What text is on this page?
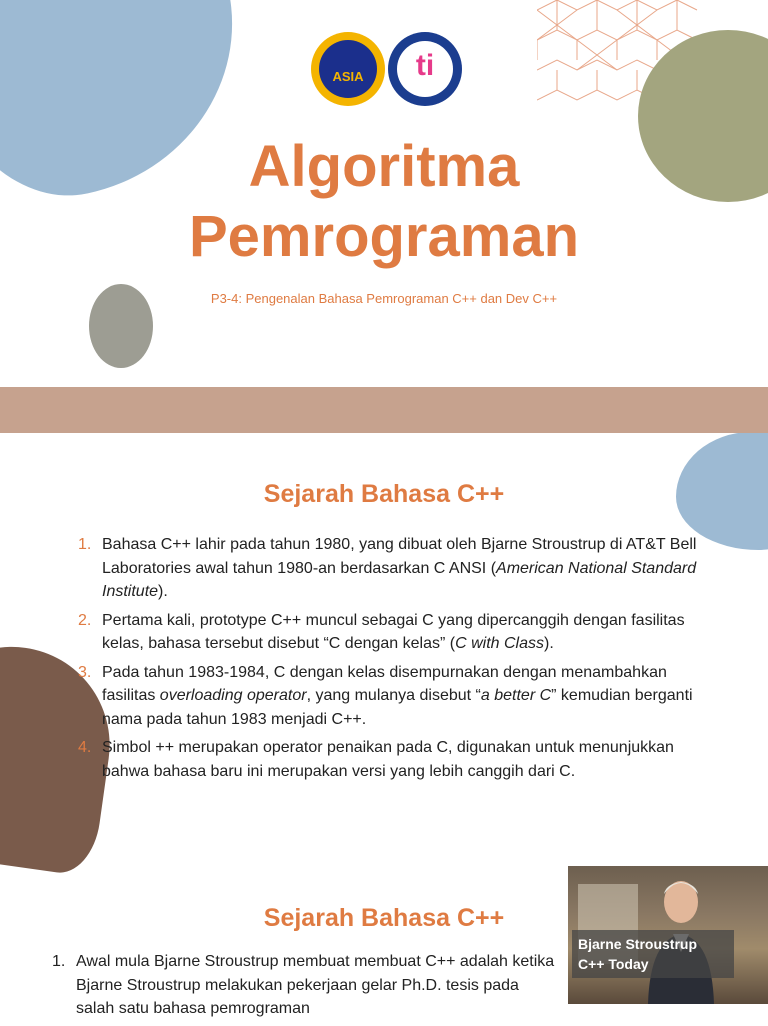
ASIA	ti
Algoritma
Pemrograman
P3-4: Pengenalan Bahasa Pemrograman C++ dan Dev C++
Sejarah Bahasa C++
1. Bahasa C++ lahir pada tahun 1980, yang dibuat oleh Bjarne Stroustrup di AT&T Bell Laboratories awal tahun 1980-an berdasarkan C ANSI (American National Standard Institute).
2. Pertama kali, prototype C++ muncul sebagai C yang dipercanggih dengan fasilitas kelas, bahasa tersebut disebut “C dengan kelas” (C with Class).
3. Pada tahun 1983-1984, C dengan kelas disempurnakan dengan menambahkan fasilitas overloading operator, yang mulanya disebut “a better C” kemudian berganti nama pada tahun 1983 menjadi C++.
4. Simbol ++ merupakan operator penaikan pada C, digunakan untuk menunjukkan bahwa bahasa baru ini merupakan versi yang lebih canggih dari C.
Sejarah Bahasa C++
1. Awal mula Bjarne Stroustrup membuat membuat C++ adalah ketika Bjarne Stroustrup melakukan pekerjaan gelar Ph.D. tesis pada salah satu bahasa pemrograman
Bjarne Stroustrup
C++ Today
